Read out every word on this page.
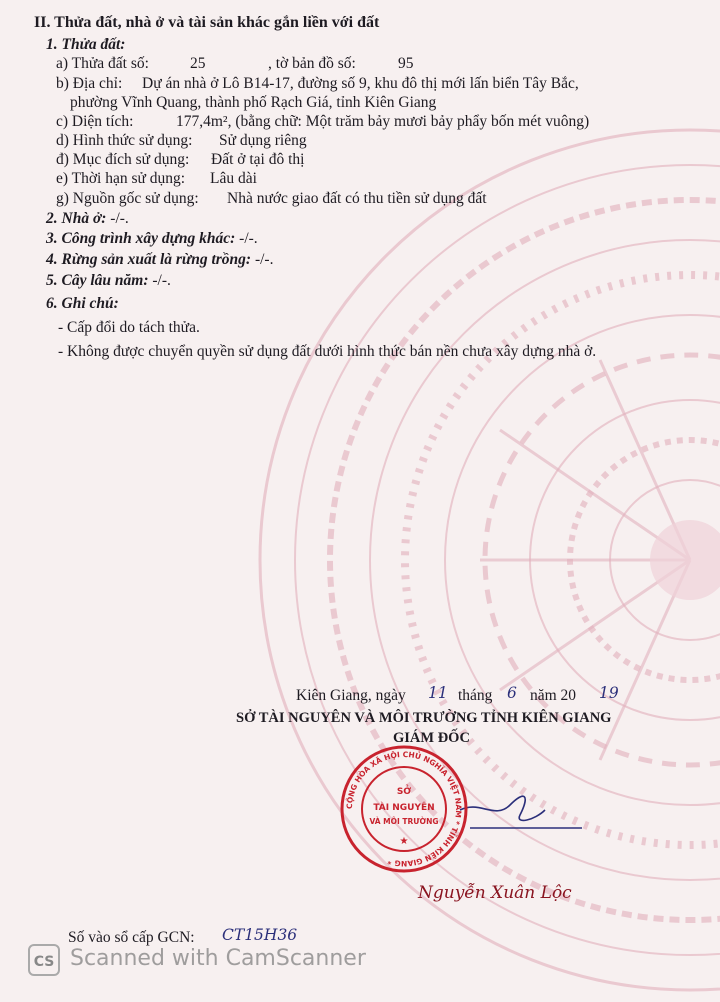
II. Thửa đất, nhà ở và tài sản khác gắn liền với đất
1. Thửa đất:
a) Thửa đất số:	25	, tờ bản đồ số:	95
b) Địa chỉ: Dự án nhà ở Lô B14-17, đường số 9, khu đô thị mới lấn biển Tây Bắc,
phường Vĩnh Quang, thành phố Rạch Giá, tỉnh Kiên Giang
c) Diện tích:	177,4m², (bằng chữ: Một trăm bảy mươi bảy phẩy bốn mét vuông)
d) Hình thức sử dụng: Sử dụng riêng
đ) Mục đích sử dụng: Đất ở tại đô thị
e) Thời hạn sử dụng: Lâu dài
g) Nguồn gốc sử dụng: Nhà nước giao đất có thu tiền sử dụng đất
2. Nhà ở: -/-.
3. Công trình xây dựng khác: -/-.
4. Rừng sản xuất là rừng trồng: -/-.
5. Cây lâu năm: -/-.
6. Ghi chú:
- Cấp đổi do tách thửa.
- Không được chuyển quyền sử dụng đất dưới hình thức bán nền chưa xây dựng nhà ở.
Kiên Giang, ngày 11 tháng 6 năm 20 19
SỞ TÀI NGUYÊN VÀ MÔI TRƯỜNG TỈNH KIÊN GIANG
GIÁM ĐỐC
Nguyễn Xuân Lộc
Số vào sổ cấp GCN: CT15H36
CỘNG HÒA XÃ HỘI CHỦ NGHĨA VIỆT NAM * TỈNH KIÊN GIANG *
SỞ
TÀI NGUYÊN
VÀ MÔI TRƯỜNG
★
CS Scanned with CamScanner
